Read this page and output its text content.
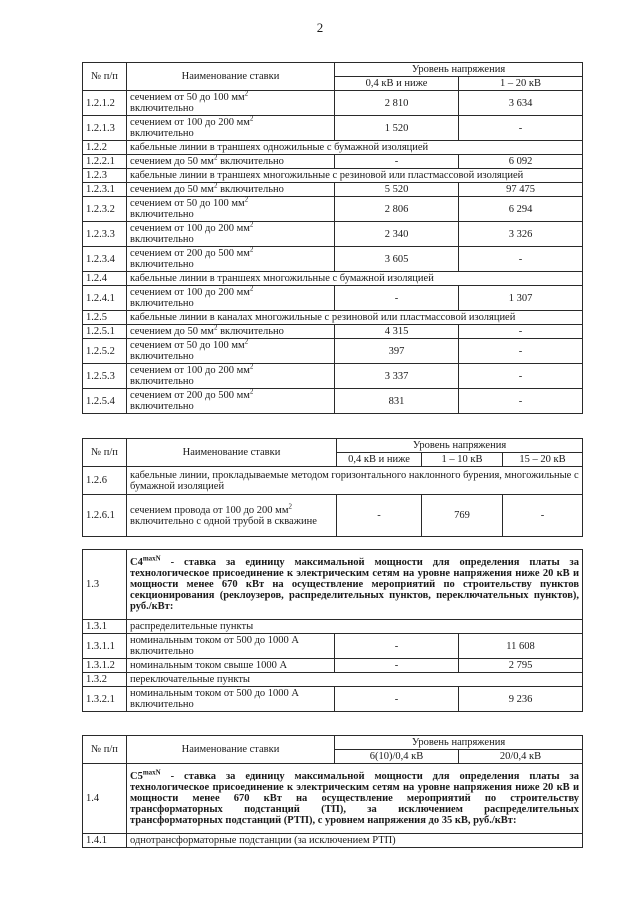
2
№ п/п	Наименование ставки	Уровень напряжения	
		0,4 кВ и ниже	1 – 20 кВ
1.2.1.2	сечением от 50 до 100 $мм^2$
включительно	2 810	3 634
1.2.1.3	сечением от 100 до 200 $мм^2$
включительно	1 520	-
1.2.2	кабельные линии в траншеях одножильные с бумажной изоляцией		
1.2.2.1	сечением до 50 $мм^2$ включительно	-	6 092
1.2.3	кабельные линии в траншеях многожильные с резиновой или пластмассовой изоляцией		
1.2.3.1	сечением до 50 $мм^2$ включительно	5 520	97 475
1.2.3.2	сечением от 50 до 100 $мм^2$
включительно	2 806	6 294
1.2.3.3	сечением от 100 до 200 $мм^2$
включительно	2 340	3 326
1.2.3.4	сечением от 200 до 500 $мм^2$
включительно	3 605	-
1.2.4	кабельные линии в траншеях многожильные с бумажной изоляцией		
1.2.4.1	сечением от 100 до 200 $мм^2$
включительно	-	1 307
1.2.5	кабельные линии в каналах многожильные с резиновой или пластмассовой изоляцией		
1.2.5.1	сечением до 50 $мм^2$ включительно	4 315	-
1.2.5.2	сечением от 50 до 100 $мм^2$
включительно	397	-
1.2.5.3	сечением от 100 до 200 $мм^2$
включительно	3 337	-
1.2.5.4	сечением от 200 до 500 $мм^2$
включительно	831	-
№ п/п	Наименование ставки	Уровень напряжения		
		0,4 кВ и ниже	1 – 10 кВ	15 – 20 кВ
1.2.6	кабельные линии, прокладываемые методом горизонтального наклонного бурения, многожильные с бумажной изоляцией			
1.2.6.1	сечением провода от 100 до 200 $мм^2$
включительно с одной трубой в скважине	-	769	-
1.3	$C4^{maxN}$ - ставка за единицу максимальной мощности для определения платы за технологическое присоединение к электрическим сетям на уровне напряжения ниже 20 кВ и мощности менее 670 кВт на осуществление мероприятий по строительству пунктов секционирования (реклоузеров, распределительных пунктов, переключательных пунктов), руб./кВт:		
1.3.1	распределительные пункты		
1.3.1.1	номинальным током от 500 до 1000 А включительно	-	11 608
1.3.1.2	номинальным током свыше 1000 А	-	2 795
1.3.2	переключательные пункты		
1.3.2.1	номинальным током от 500 до 1000 А включительно	-	9 236
№ п/п	Наименование ставки	Уровень напряжения	
		6(10)/0,4 кВ	20/0,4 кВ
1.4	$C5^{maxN}$ - ставка за единицу максимальной мощности для определения платы за технологическое присоединение к электрическим сетям на уровне напряжения ниже 20 кВ и мощности менее 670 кВт на осуществление мероприятий по строительству трансформаторных подстанций (ТП), за исключением распределительных трансформаторных подстанций (РТП), с уровнем напряжения до 35 кВ, руб./кВт:		
1.4.1	однотрансформаторные подстанции (за исключением РТП)		
